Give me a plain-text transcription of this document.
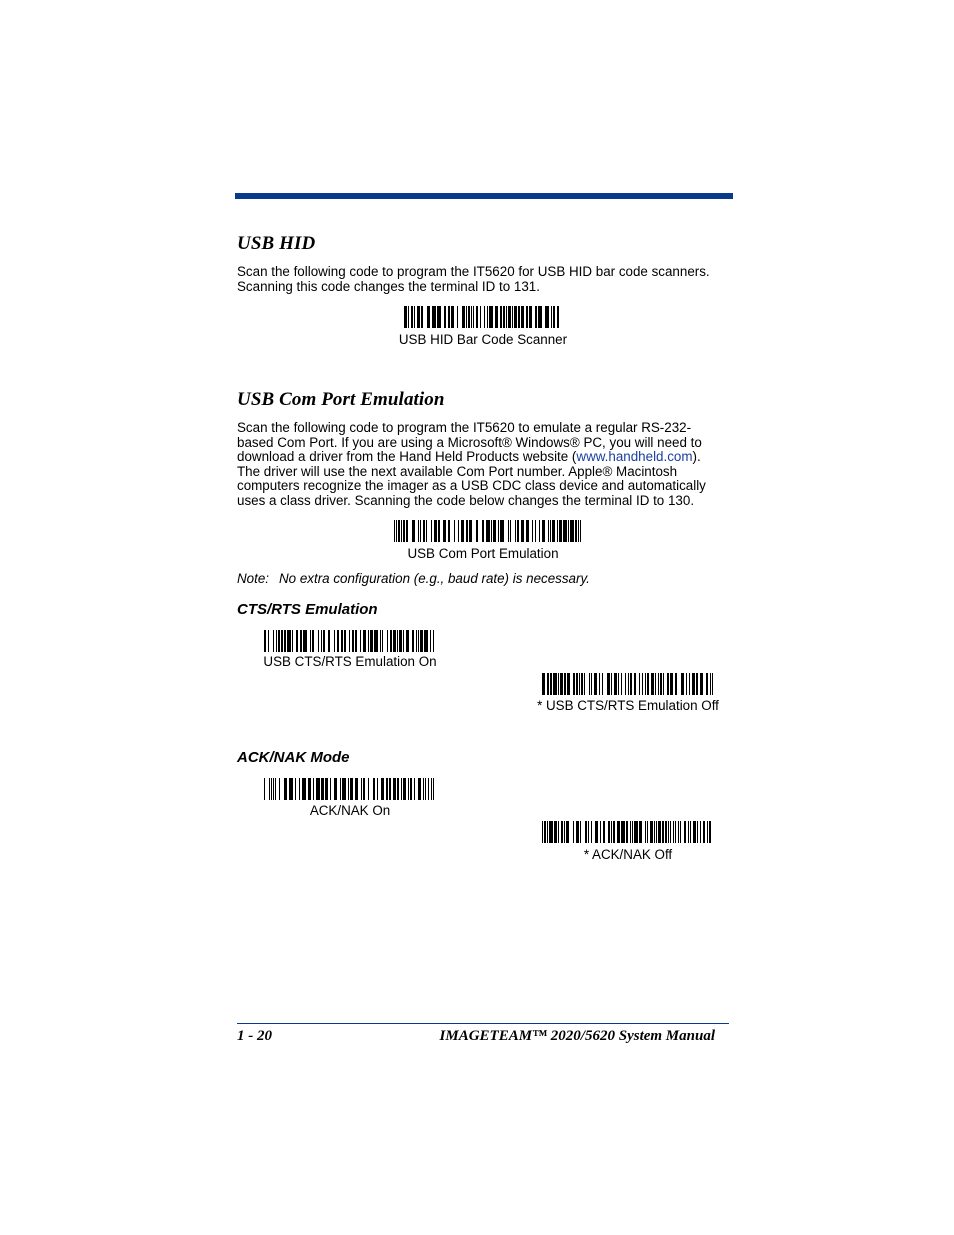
USB HID

Scan the following code to program the IT5620 for USB HID bar code scanners.
Scanning this code changes the terminal ID to 131.

USB HID Bar Code Scanner
USB Com Port Emulation

Scan the following code to program the IT5620 to emulate a regular RS-232-
based Com Port. If you are using a Microsoft® Windows® PC, you will need to
download a driver from the Hand Held Products website (www.handheld.com).
The driver will use the next available Com Port number. Apple® Macintosh
computers recognize the imager as a USB CDC class device and automatically
uses a class driver. Scanning the code below changes the terminal ID to 130.

USB Com Port Emulation
Note: No extra configuration (e.g., baud rate) is necessary.
CTS/RTS Emulation
USB CTS/RTS Emulation On
* USB CTS/RTS Emulation Off
ACK/NAK Mode
ACK/NAK On
* ACK/NAK Off

1 - 20	IMAGETEAM™ 2020/5620 System Manual
